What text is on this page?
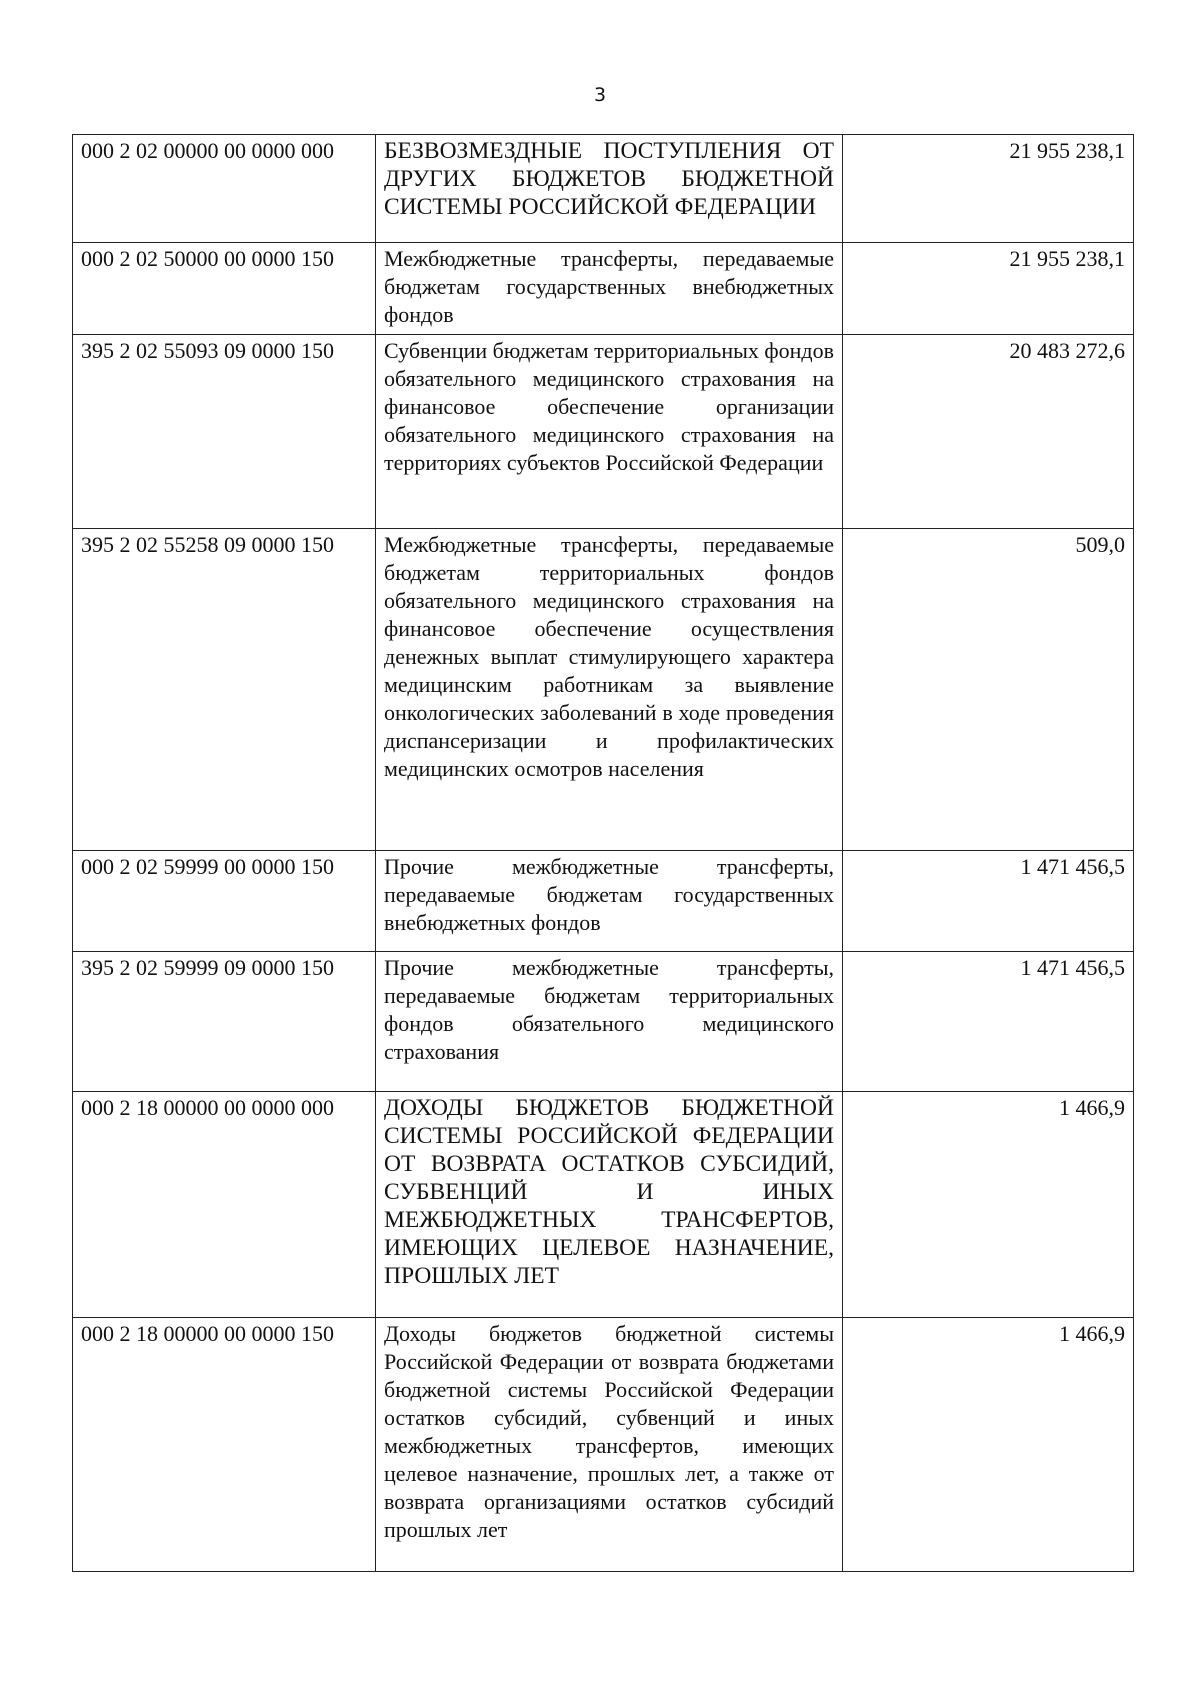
3
000 2 02 00000 00 0000 000	БЕЗВОЗМЕЗДНЫЕ ПОСТУПЛЕНИЯ ОТ ДРУГИХ БЮДЖЕТОВ БЮДЖЕТНОЙ СИСТЕМЫ РОССИЙСКОЙ ФЕДЕРАЦИИ	21 955 238,1
000 2 02 50000 00 0000 150	Межбюджетные трансферты, передаваемые бюджетам государственных внебюджетных фондов	21 955 238,1
395 2 02 55093 09 0000 150	Субвенции бюджетам территориальных фондов обязательного медицинского страхования на финансовое обеспечение организации обязательного медицинского страхования на территориях субъектов Российской Федерации	20 483 272,6
395 2 02 55258 09 0000 150	Межбюджетные трансферты, передаваемые бюджетам территориальных фондов обязательного медицинского страхования на финансовое обеспечение осуществления денежных выплат стимулирующего характера медицинским работникам за выявление онкологических заболеваний в ходе проведения диспансеризации и профилактических медицинских осмотров населения	509,0
000 2 02 59999 00 0000 150	Прочие межбюджетные трансферты, передаваемые бюджетам государственных внебюджетных фондов	1 471 456,5
395 2 02 59999 09 0000 150	Прочие межбюджетные трансферты, передаваемые бюджетам территориальных фондов обязательного медицинского страхования	1 471 456,5
000 2 18 00000 00 0000 000	ДОХОДЫ БЮДЖЕТОВ БЮДЖЕТНОЙ СИСТЕМЫ РОССИЙСКОЙ ФЕДЕРАЦИИ ОТ ВОЗВРАТА ОСТАТКОВ СУБСИДИЙ, СУБВЕНЦИЙ И ИНЫХ МЕЖБЮДЖЕТНЫХ ТРАНСФЕРТОВ, ИМЕЮЩИХ ЦЕЛЕВОЕ НАЗНАЧЕНИЕ, ПРОШЛЫХ ЛЕТ	1 466,9
000 2 18 00000 00 0000 150	Доходы бюджетов бюджетной системы Российской Федерации от возврата бюджетами бюджетной системы Российской Федерации остатков субсидий, субвенций и иных межбюджетных трансфертов, имеющих целевое назначение, прошлых лет, а также от возврата организациями остатков субсидий прошлых лет	1 466,9
